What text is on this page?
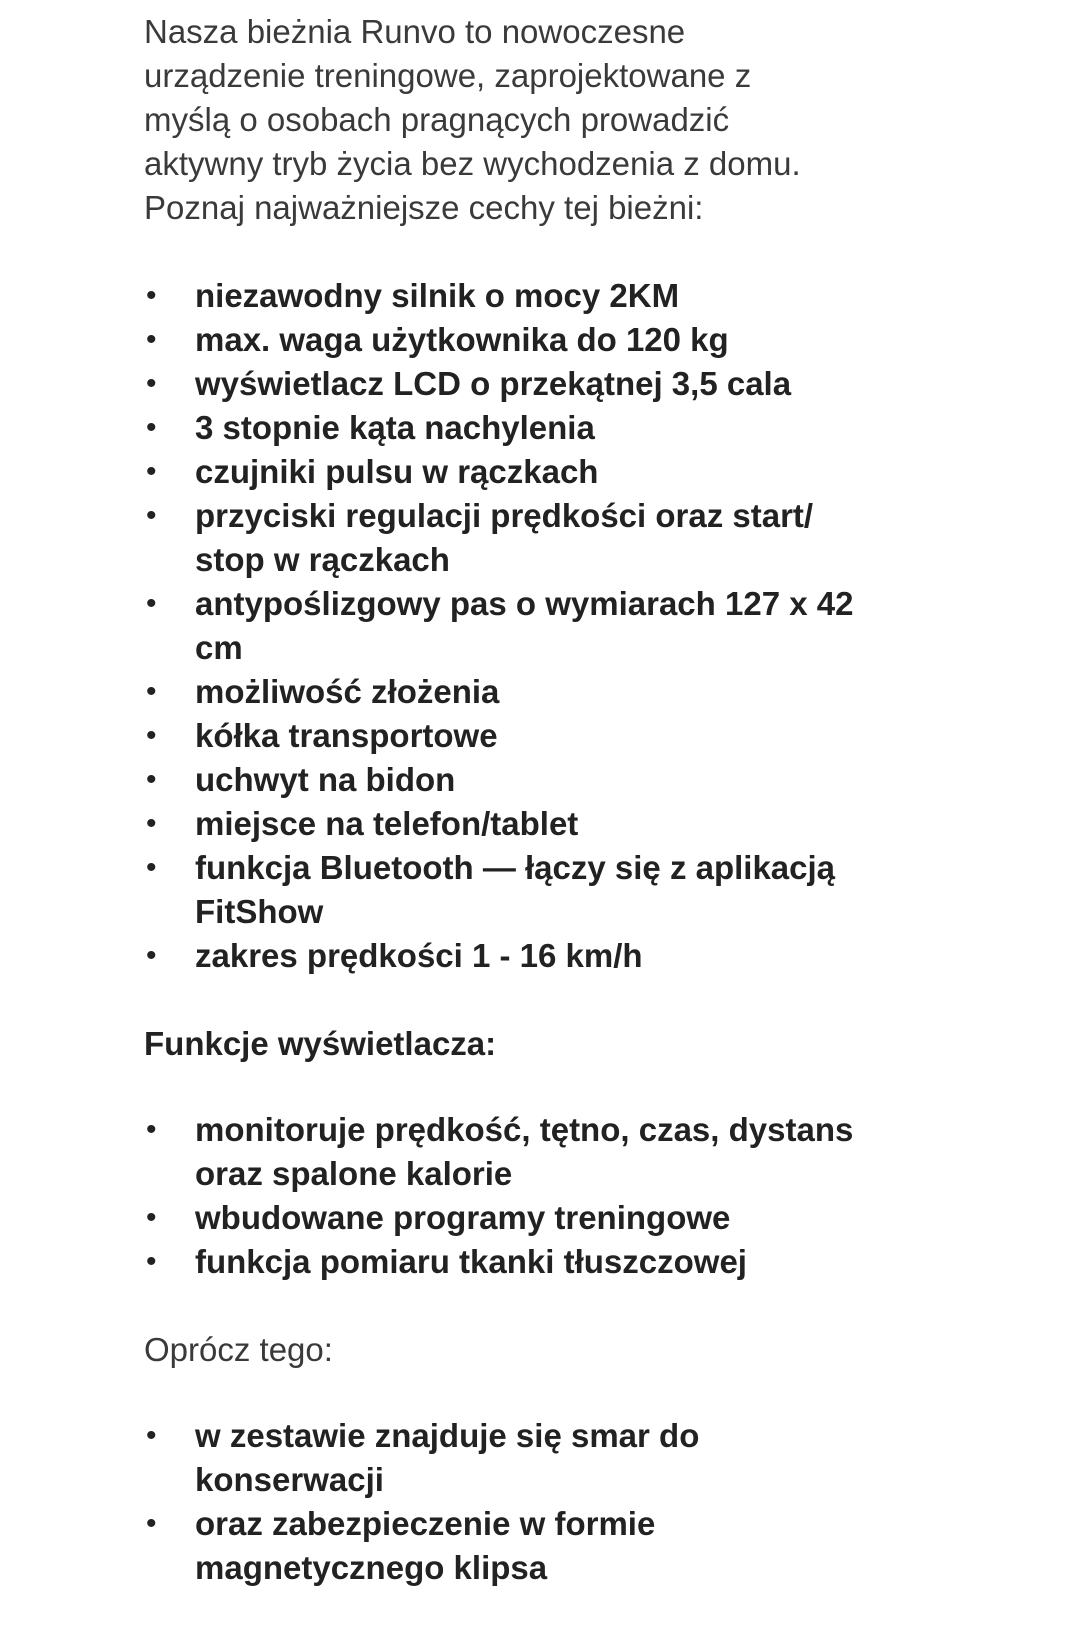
Nasza bieżnia Runvo to nowoczesne
urządzenie treningowe, zaprojektowane z
myślą o osobach pragnących prowadzić
aktywny tryb życia bez wychodzenia z domu.
Poznaj najważniejsze cechy tej bieżni:

• niezawodny silnik o mocy 2KM
• max. waga użytkownika do 120 kg
• wyświetlacz LCD o przekątnej 3,5 cala
• 3 stopnie kąta nachylenia
• czujniki pulsu w rączkach
• przyciski regulacji prędkości oraz start/
stop w rączkach
• antypoślizgowy pas o wymiarach 127 x 42
cm
• możliwość złożenia
• kółka transportowe
• uchwyt na bidon
• miejsce na telefon/tablet
• funkcja Bluetooth — łączy się z aplikacją
FitShow
• zakres prędkości 1 - 16 km/h
Funkcje wyświetlacza:
• monitoruje prędkość, tętno, czas, dystans
oraz spalone kalorie
• wbudowane programy treningowe
• funkcja pomiaru tkanki tłuszczowej
Oprócz tego:
• w zestawie znajduje się smar do
konserwacji
• oraz zabezpieczenie w formie
magnetycznego klipsa
